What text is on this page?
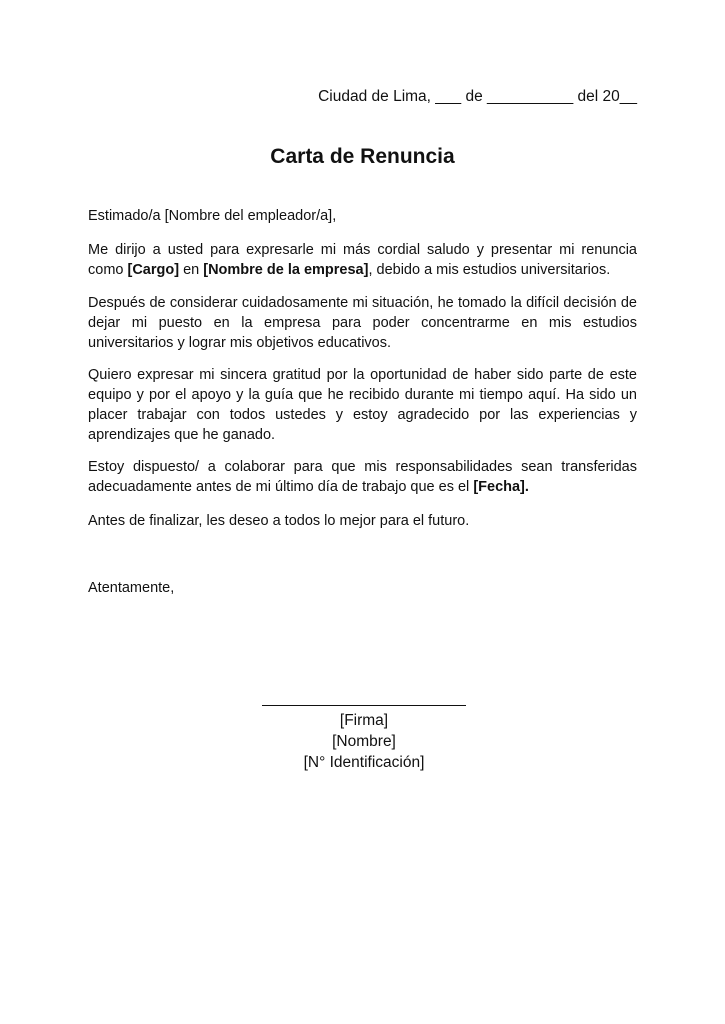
Ciudad de Lima, ___ de __________ del 20__
Carta de Renuncia

Estimado/a [Nombre del empleador/a],

Me dirijo a usted para expresarle mi más cordial saludo y presentar mi renuncia como [Cargo] en [Nombre de la empresa], debido a mis estudios universitarios.

Después de considerar cuidadosamente mi situación, he tomado la difícil decisión de dejar mi puesto en la empresa para poder concentrarme en mis estudios universitarios y lograr mis objetivos educativos.

Quiero expresar mi sincera gratitud por la oportunidad de haber sido parte de este equipo y por el apoyo y la guía que he recibido durante mi tiempo aquí. Ha sido un placer trabajar con todos ustedes y estoy agradecido por las experiencias y aprendizajes que he ganado.

Estoy dispuesto/ a colaborar para que mis responsabilidades sean transferidas adecuadamente antes de mi último día de trabajo que es el [Fecha].

Antes de finalizar, les deseo a todos lo mejor para el futuro.

Atentamente,

[Firma]
[Nombre]
[N° Identificación]
